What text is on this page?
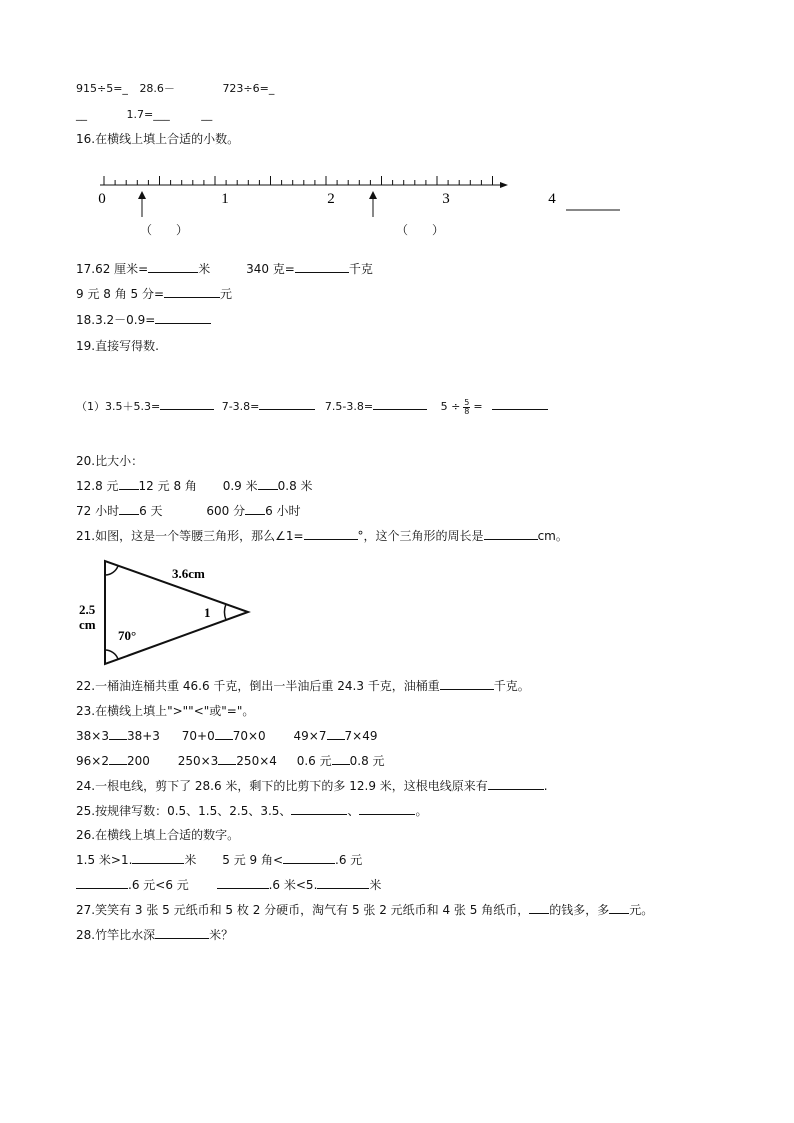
915÷5=_ 28.6－	723÷6=_
__	1.7=___	__
16.在横线上填上合适的小数。
0	1	2	3	4
（　　）	（　　）
17.62 厘米=	米	340 克=	千克
9 元 8 角 5 分=	元
18.3.2－0.9=
19.直接写得数.
（1）3.5＋5.3=	7-3.8=	7.5-3.8=	$5 \div \frac{5}{8}$ =
20.比大小：
12.8 元 12 元 8 角 0.9 米 0.8 米
72 小时 6 天	600 分 6 小时
21.如图，这是一个等腰三角形，那么∠1=	°，这个三角形的周长是	cm。
3.6cm
2.5
cm
1
70°
22.一桶油连桶共重 46.6 千克，倒出一半油后重 24.3 千克，油桶重	千克。
23.在横线上填上">""<"或"="。
38×3 38+3 70+0 70×0 49×7 7×49
96×2 200 250×3 250×4 0.6 元 0.8 元
24.一根电线，剪下了 28.6 米，剩下的比剪下的多 12.9 米，这根电线原来有	.
25.按规律写数：0.5、1.5、2.5、3.5、	、	。
26.在横线上填上合适的数字。
1.5 米>1.	米 5 元 9 角<	.6 元
.6 元<6 元	.6 米<5.	米
27.笑笑有 3 张 5 元纸币和 5 枚 2 分硬币，淘气有 5 张 2 元纸币和 4 张 5 角纸币， 的钱多，多 元。
28.竹竿比水深	米？
